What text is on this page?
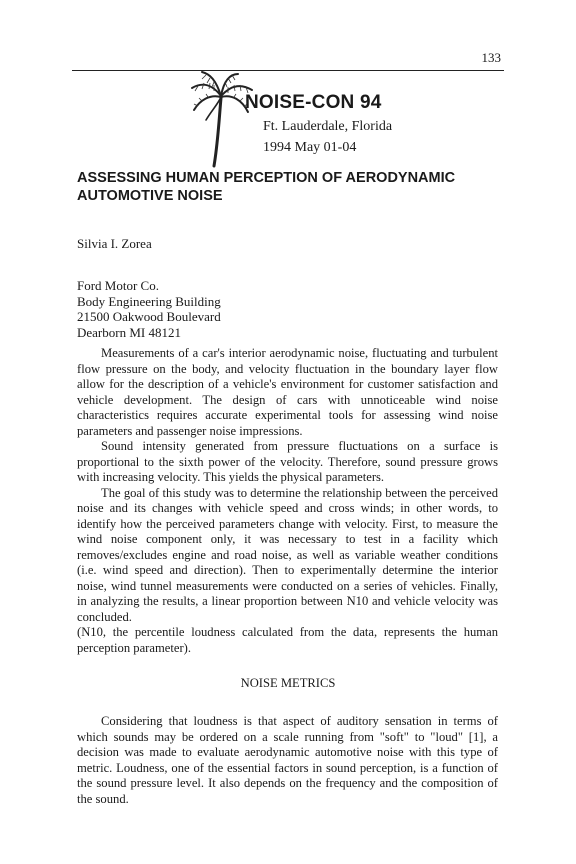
133
NOISE-CON 94
Ft. Lauderdale, Florida
1994 May 01-04
ASSESSING HUMAN PERCEPTION OF AERODYNAMIC AUTOMOTIVE NOISE
Silvia I. Zorea
Ford Motor Co.
Body Engineering Building
21500 Oakwood Boulevard
Dearborn MI 48121

Measurements of a car's interior aerodynamic noise, fluctuating and turbulent flow pressure on the body, and velocity fluctuation in the boundary layer flow allow for the description of a vehicle's environment for customer satisfaction and vehicle development. The design of cars with unnoticeable wind noise characteristics requires accurate experimental tools for assessing wind noise parameters and passenger noise impressions.

Sound intensity generated from pressure fluctuations on a surface is proportional to the sixth power of the velocity. Therefore, sound pressure grows with increasing velocity. This yields the physical parameters.

The goal of this study was to determine the relationship between the perceived noise and its changes with vehicle speed and cross winds; in other words, to identify how the perceived parameters change with velocity. First, to measure the wind noise component only, it was necessary to test in a facility which removes/excludes engine and road noise, as well as variable weather conditions (i.e. wind speed and direction). Then to experimentally determine the interior noise, wind tunnel measurements were conducted on a series of vehicles. Finally, in analyzing the results, a linear proportion between N10 and vehicle velocity was concluded.

(N10, the percentile loudness calculated from the data, represents the human perception parameter).

NOISE METRICS

Considering that loudness is that aspect of auditory sensation in terms of which sounds may be ordered on a scale running from "soft" to "loud" [1], a decision was made to evaluate aerodynamic automotive noise with this type of metric. Loudness, one of the essential factors in sound perception, is a function of the sound pressure level. It also depends on the frequency and the composition of the sound.
